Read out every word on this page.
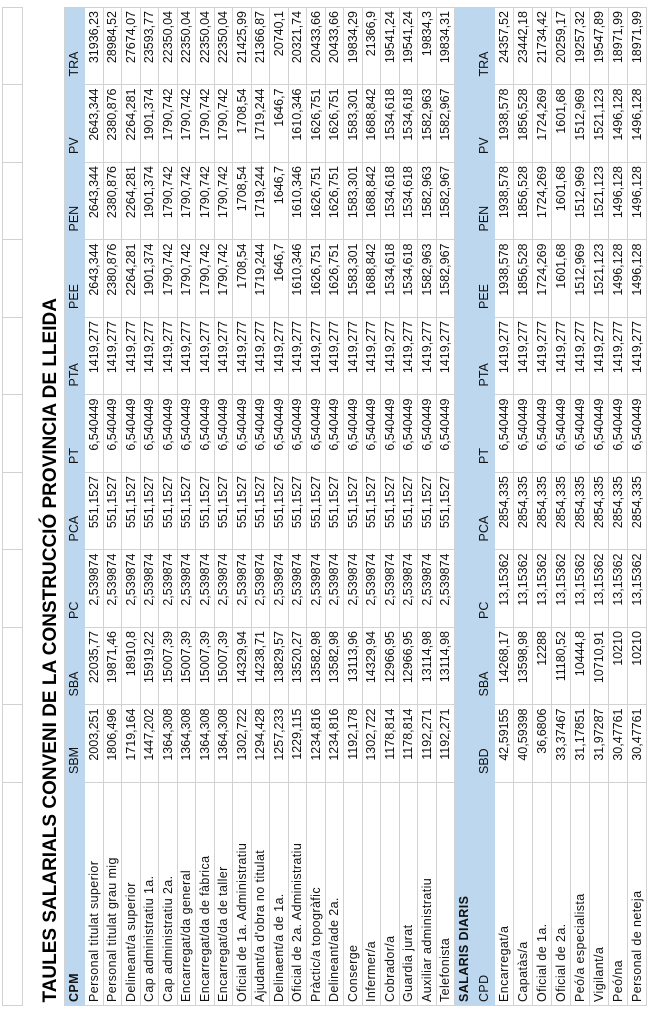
TAULES SALARIALS CONVENI DE LA CONSTRUCCIÓ PROVINCIA DE LLEIDA										

CPM	SBM	SBA	PC	PCA	PT	PTA	PEE	PEN	PV	TRA
Personal titulat superior	2003,251	22035,77	2,539874	551,1527	6,540449	1419,277	2643,344	2643,344	2643,344	31936,23
Personal titulat grau mig	1806,496	19871,46	2,539874	551,1527	6,540449	1419,277	2380,876	2380,876	2380,876	28984,52
Delineant/a superior	1719,164	18910,8	2,539874	551,1527	6,540449	1419,277	2264,281	2264,281	2264,281	27674,07
Cap administratiu 1a.	1447,202	15919,22	2,539874	551,1527	6,540449	1419,277	1901,374	1901,374	1901,374	23593,77
Cap administratiu 2a.	1364,308	15007,39	2,539874	551,1527	6,540449	1419,277	1790,742	1790,742	1790,742	22350,04
Encarregat/da general	1364,308	15007,39	2,539874	551,1527	6,540449	1419,277	1790,742	1790,742	1790,742	22350,04
Encarregat/da de fàbrica	1364,308	15007,39	2,539874	551,1527	6,540449	1419,277	1790,742	1790,742	1790,742	22350,04
Encarregat/da de taller	1364,308	15007,39	2,539874	551,1527	6,540449	1419,277	1790,742	1790,742	1790,742	22350,04
Oficial de 1a. Administratiu	1302,722	14329,94	2,539874	551,1527	6,540449	1419,277	1708,54	1708,54	1708,54	21425,99
Ajudant/a d'obra no titulat	1294,428	14238,71	2,539874	551,1527	6,540449	1419,277	1719,244	1719,244	1719,244	21366,87
Delinaent/a de 1a.	1257,233	13829,57	2,539874	551,1527	6,540449	1419,277	1646,7	1646,7	1646,7	20740,1
Oficial de 2a. Administratiu	1229,115	13520,27	2,539874	551,1527	6,540449	1419,277	1610,346	1610,346	1610,346	20321,74
Pràctic/a topogràfic	1234,816	13582,98	2,539874	551,1527	6,540449	1419,277	1626,751	1626,751	1626,751	20433,66
Delineant/ade 2a.	1234,816	13582,98	2,539874	551,1527	6,540449	1419,277	1626,751	1626,751	1626,751	20433,66
Conserge	1192,178	13113,96	2,539874	551,1527	6,540449	1419,277	1583,301	1583,301	1583,301	19834,29
Infermer/a	1302,722	14329,94	2,539874	551,1527	6,540449	1419,277	1688,842	1688,842	1688,842	21366,9
Cobrador/a	1178,814	12966,95	2,539874	551,1527	6,540449	1419,277	1534,618	1534,618	1534,618	19541,24
Guardia jurat	1178,814	12966,95	2,539874	551,1527	6,540449	1419,277	1534,618	1534,618	1534,618	19541,24
Auxiliar administratiu	1192,271	13114,98	2,539874	551,1527	6,540449	1419,277	1582,963	1582,963	1582,963	19834,3
Telefonista	1192,271	13114,98	2,539874	551,1527	6,540449	1419,277	1582,967	1582,967	1582,967	19834,31
SALARIS DIARIS										
CPD	SBD	SBA	PC	PCA	PT	PTA	PEE	PEN	PV	TRA
Encarregat/a	42,59155	14268,17	13,15362	2854,335	6,540449	1419,277	1938,578	1938,578	1938,578	24357,52
Capatàs/a	40,59398	13598,98	13,15362	2854,335	6,540449	1419,277	1856,528	1856,528	1856,528	23442,18
Oficial de 1a.	36,6806	12288	13,15362	2854,335	6,540449	1419,277	1724,269	1724,269	1724,269	21734,42
Oficial de 2a.	33,37467	11180,52	13,15362	2854,335	6,540449	1419,277	1601,68	1601,68	1601,68	20259,17
Peó/a especialista	31,17851	10444,8	13,15362	2854,335	6,540449	1419,277	1512,969	1512,969	1512,969	19257,32
Vigilant/a	31,97287	10710,91	13,15362	2854,335	6,540449	1419,277	1521,123	1521,123	1521,123	19547,89
Peó/na	30,47761	10210	13,15362	2854,335	6,540449	1419,277	1496,128	1496,128	1496,128	18971,99
Personal de neteja	30,47761	10210	13,15362	2854,335	6,540449	1419,277	1496,128	1496,128	1496,128	18971,99
